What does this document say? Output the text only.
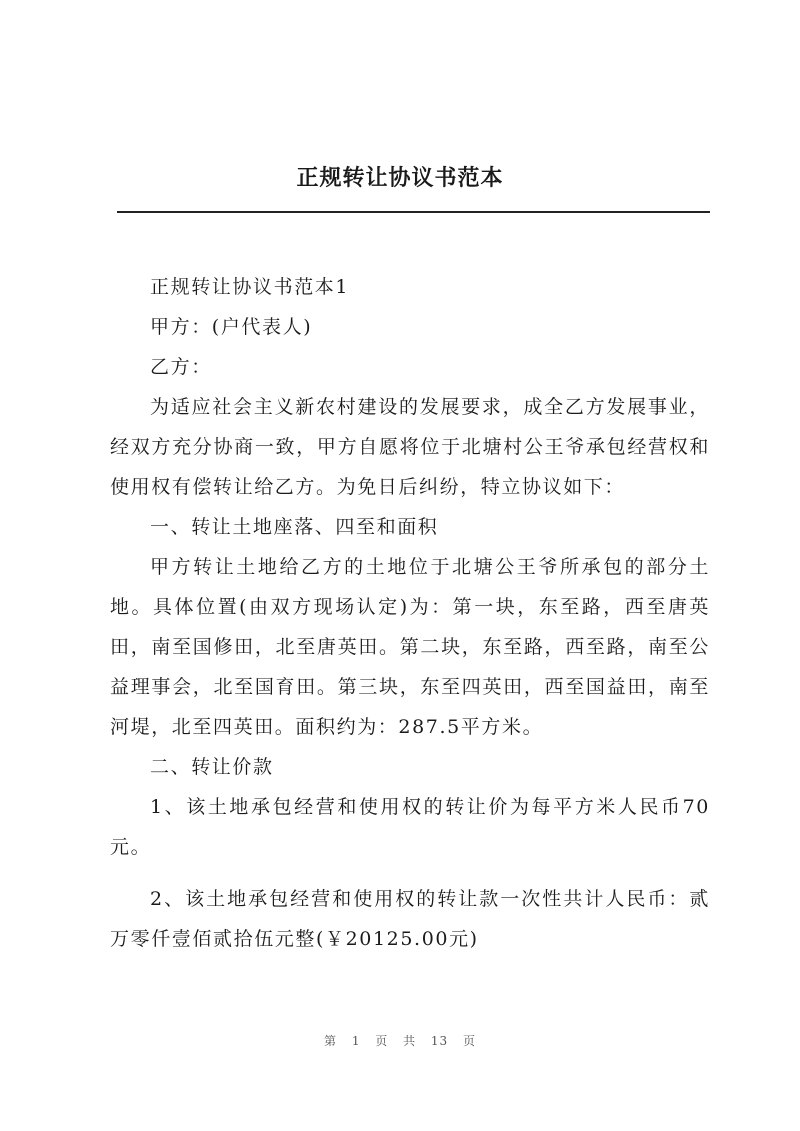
正规转让协议书范本

正规转让协议书范本1

甲方：(户代表人)

乙方：

为适应社会主义新农村建设的发展要求，成全乙方发展事业，经双方充分协商一致，甲方自愿将位于北塘村公王爷承包经营权和使用权有偿转让给乙方。为免日后纠纷，特立协议如下：

一、转让土地座落、四至和面积

甲方转让土地给乙方的土地位于北塘公王爷所承包的部分土地。具体位置(由双方现场认定)为：第一块，东至路，西至唐英田，南至国修田，北至唐英田。第二块，东至路，西至路，南至公益理事会，北至国育田。第三块，东至四英田，西至国益田，南至河堤，北至四英田。面积约为：287.5平方米。

二、转让价款

1、该土地承包经营和使用权的转让价为每平方米人民币70元。

2、该土地承包经营和使用权的转让款一次性共计人民币：贰万零仟壹佰贰拾伍元整(￥20125.00元)

第 1 页 共 13 页
